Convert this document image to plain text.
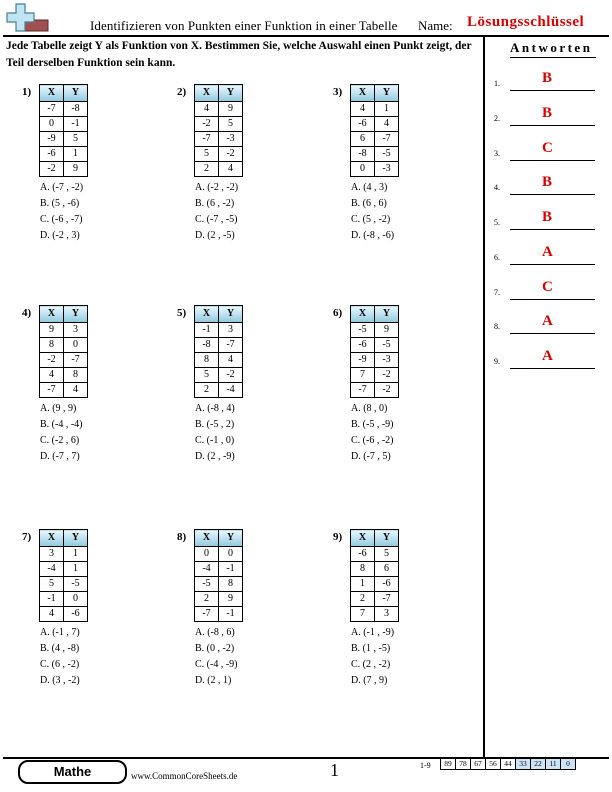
Identifizieren von Punkten einer Funktion in einer Tabelle Name: Lösungsschlüssel
Jede Tabelle zeigt Y als Funktion von X. Bestimmen Sie, welche Auswahl einen Punkt zeigt, der Teil derselben Funktion sein kann.
Antworten
1.	B
2.	B
3.	C
4.	B
5.	B
6.	A
7.	C
8.	A
9.	A
1) X	Y
-7	-8
0	-1
-9	5
-6	1
-2	9
A. (-7 , -2)
B. (5 , -6)
C. (-6 , -7)
D. (-2 , 3)
2) X	Y
4	9
-2	5
-7	-3
5	-2
2	4
A. (-2 , -2)
B. (6 , -2)
C. (-7 , -5)
D. (2 , -5)
3) X	Y
4	1
-6	4
6	-7
-8	-5
0	-3
A. (4 , 3)
B. (6 , 6)
C. (5 , -2)
D. (-8 , -6)
4) X	Y
9	3
8	0
-2	-7
4	8
-7	4
A. (9 , 9)
B. (-4 , -4)
C. (-2 , 6)
D. (-7 , 7)
5) X	Y
-1	3
-8	-7
8	4
5	-2
2	-4
A. (-8 , 4)
B. (-5 , 2)
C. (-1 , 0)
D. (2 , -9)
6) X	Y
-5	9
-6	-5
-9	-3
7	-2
-7	-2
A. (8 , 0)
B. (-5 , -9)
C. (-6 , -2)
D. (-7 , 5)
7) X	Y
3	1
-4	1
5	-5
-1	0
4	-6
A. (-1 , 7)
B. (4 , -8)
C. (6 , -2)
D. (3 , -2)
8) X	Y
0	0
-4	-1
-5	8
2	9
-7	-1
A. (-8 , 6)
B. (0 , -2)
C. (-4 , -9)
D. (2 , 1)
9) X	Y
-6	5
8	6
1	-6
2	-7
7	3
A. (-1 , -9)
B. (1 , -5)
C. (2 , -2)
D. (7 , 9)
Mathe	www.CommonCoreSheets.de	1	1-9 89	78	67	56	44	33	22	11	0
